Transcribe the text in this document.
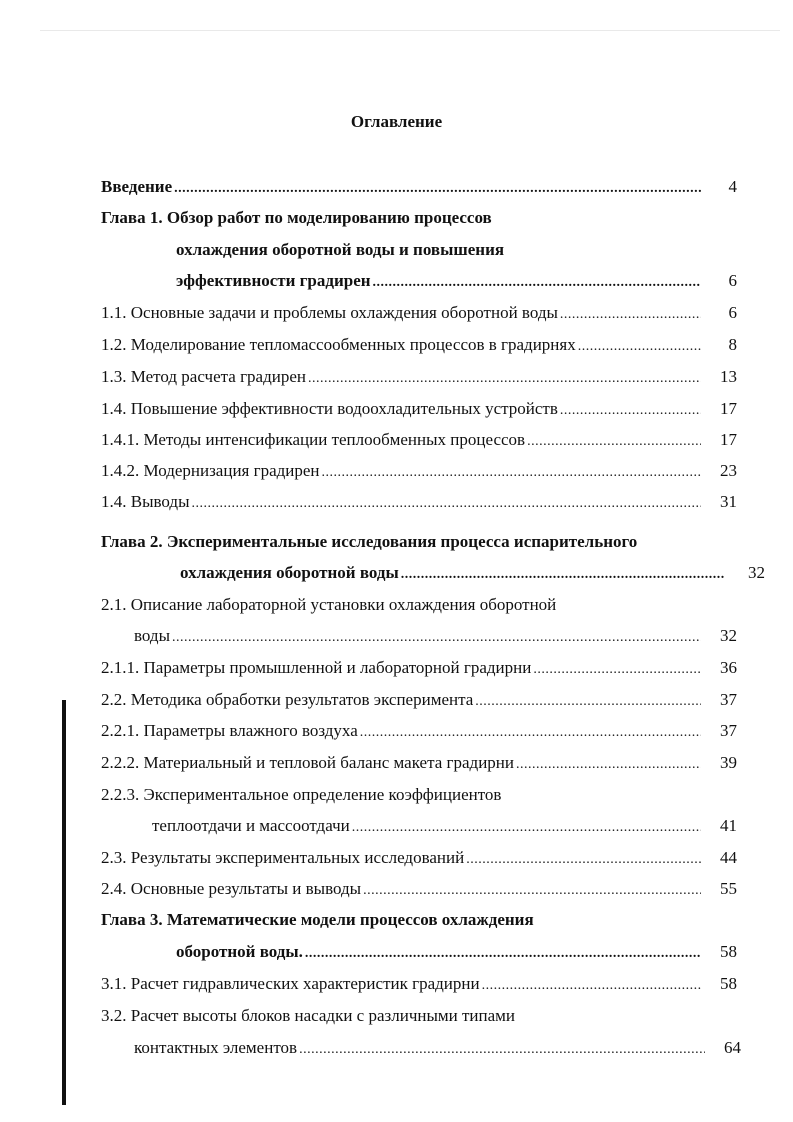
Оглавление
Введение .....	4
Глава 1. Обзор работ по моделированию процессов
охлаждения оборотной воды и повышения
эффективности градирен .....	6
1.1. Основные задачи и проблемы охлаждения оборотной воды .....	6
1.2. Моделирование тепломассообменных процессов в градирнях .....	8
1.3. Метод расчета градирен .....	13
1.4. Повышение эффективности водоохладительных устройств .....	17
1.4.1. Методы интенсификации теплообменных процессов .....	17
1.4.2. Модернизация градирен .....	23
1.4. Выводы .....	31
Глава 2. Экспериментальные исследования процесса испарительного
охлаждения оборотной воды .....	32
2.1. Описание лабораторной установки охлаждения оборотной
воды .....	32
2.1.1. Параметры промышленной и лабораторной градирни .....	36
2.2. Методика обработки результатов эксперимента .....	37
2.2.1. Параметры влажного воздуха .....	37
2.2.2. Материальный и тепловой баланс макета градирни .....	39
2.2.3. Экспериментальное определение коэффициентов
теплоотдачи и массоотдачи .....	41
2.3. Результаты экспериментальных исследований .....	44
2.4. Основные результаты и выводы .....	55
Глава 3. Математические модели процессов охлаждения
оборотной воды. .....	58
3.1. Расчет гидравлических характеристик градирни .....	58
3.2. Расчет высоты блоков насадки с различными типами
контактных элементов .....	64
